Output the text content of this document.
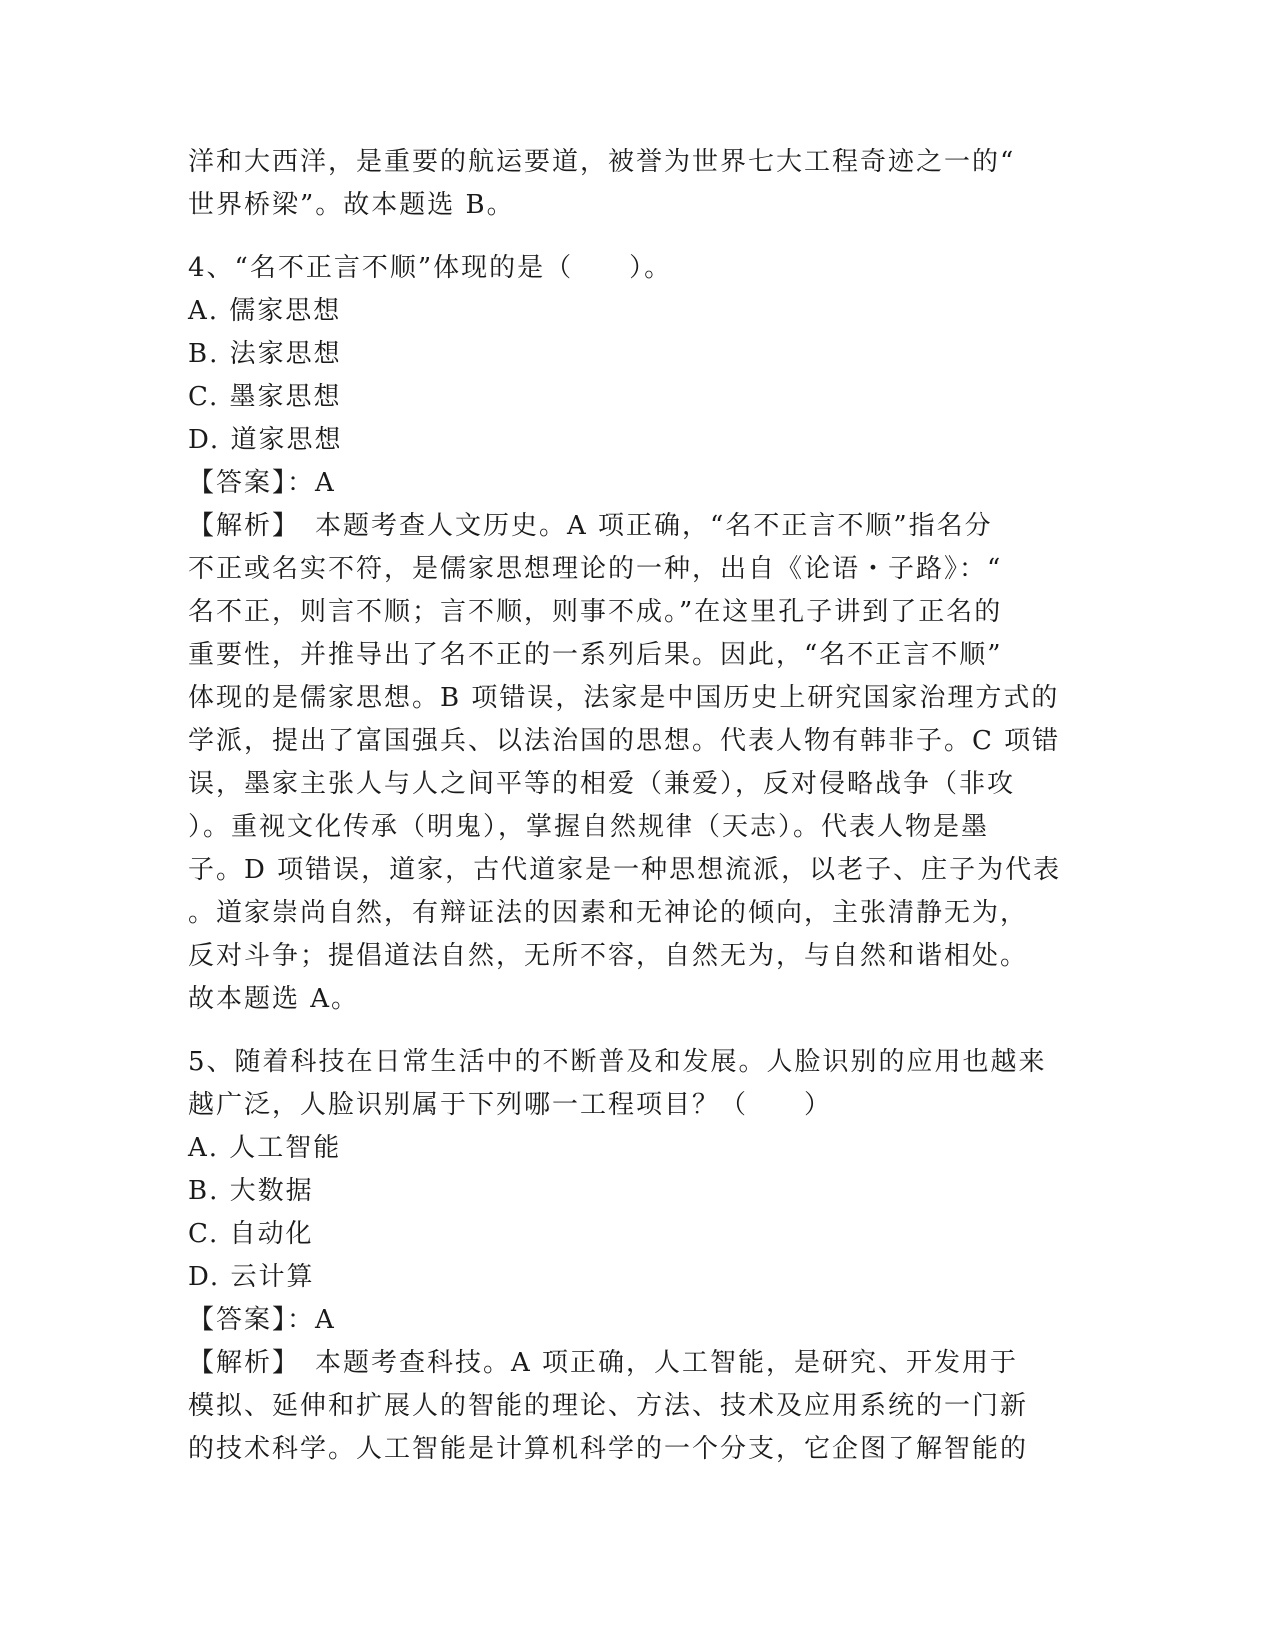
洋和大西洋，是重要的航运要道，被誉为世界七大工程奇迹之一的“
世界桥梁”。故本题选 B。
4、“名不正言不顺”体现的是（　　）。
A. 儒家思想
B. 法家思想
C. 墨家思想
D. 道家思想
【答案】：A
【解析】　本题考查人文历史。A 项正确，“名不正言不顺”指名分
不正或名实不符，是儒家思想理论的一种，出自《论语・子路》：“
名不正，则言不顺；言不顺，则事不成。”在这里孔子讲到了正名的
重要性，并推导出了名不正的一系列后果。因此，“名不正言不顺”
体现的是儒家思想。B 项错误，法家是中国历史上研究国家治理方式的
学派，提出了富国强兵、以法治国的思想。代表人物有韩非子。C 项错
误，墨家主张人与人之间平等的相爱（兼爱），反对侵略战争（非攻
）。重视文化传承（明鬼），掌握自然规律（天志）。代表人物是墨
子。D 项错误，道家，古代道家是一种思想流派，以老子、庄子为代表
。道家崇尚自然，有辩证法的因素和无神论的倾向，主张清静无为，
反对斗争；提倡道法自然，无所不容，自然无为，与自然和谐相处。
故本题选 A。
5、随着科技在日常生活中的不断普及和发展。人脸识别的应用也越来
越广泛，人脸识别属于下列哪一工程项目？（　　）
A. 人工智能
B. 大数据
C. 自动化
D. 云计算
【答案】：A
【解析】　本题考查科技。A 项正确，人工智能，是研究、开发用于
模拟、延伸和扩展人的智能的理论、方法、技术及应用系统的一门新
的技术科学。人工智能是计算机科学的一个分支，它企图了解智能的
